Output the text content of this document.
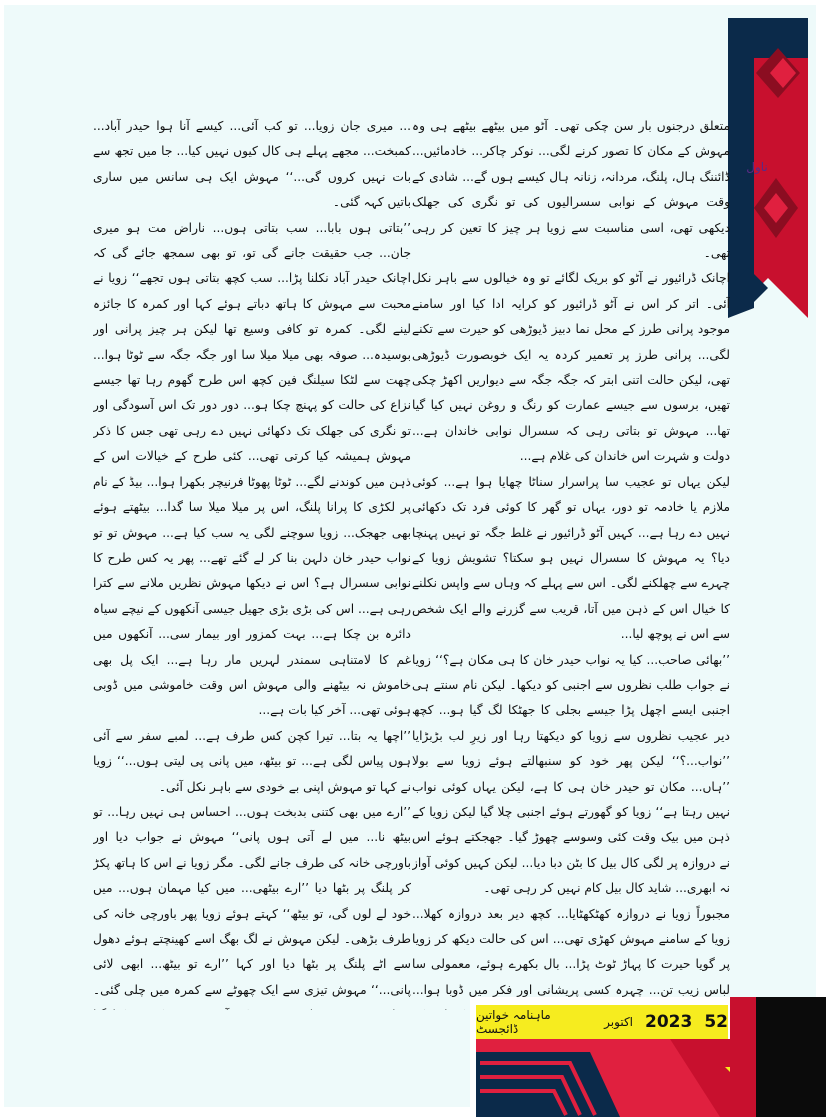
ناول

متعلق درجنوں بار سن چکی تھی۔ آٹو میں بیٹھے بیٹھے ہی وہ مہوش کے مکان کا تصور کرنے لگی... نوکر چاکر... خادمائیں... ڈائننگ ہال، پلنگ، مردانہ، زنانہ ہال کیسے ہوں گے... شادی کے وقت مہوش کے نوابی سسرالیوں کی تو نگری کی جھلک دیکھی تھی، اسی مناسبت سے زویا ہر چیز کا تعین کر رہی تھی۔

اچانک ڈرائیور نے آٹو کو بریک لگائے تو وہ خیالوں سے باہر نکل آئی۔ اتر کر اس نے آٹو ڈرائیور کو کرایہ ادا کیا اور سامنے موجود پرانی طرز کے محل نما دبیز ڈیوڑھی کو حیرت سے تکنے لگی... پرانی طرز پر تعمیر کردہ یہ ایک خوبصورت ڈیوڑھی تھی، لیکن حالت اتنی ابتر کہ جگہ جگہ سے دیواریں اکھڑ چکی تھیں، برسوں سے جیسے عمارت کو رنگ و روغن نہیں کیا گیا تھا... مہوش تو بتاتی رہی کہ سسرال نوابی خاندان ہے... دولت و شہرت اس خاندان کی غلام ہے...

لیکن یہاں تو عجیب سا پراسرار سناٹا چھایا ہوا ہے... کوئی ملازم یا خادمہ تو دور، یہاں تو گھر کا کوئی فرد تک دکھائی نہیں دے رہا ہے... کہیں آٹو ڈرائیور نے غلط جگہ تو نہیں پہنچا دیا؟ یہ مہوش کا سسرال نہیں ہو سکتا؟ تشویش زویا کے چہرے سے چھلکنے لگی۔ اس سے پہلے کہ وہاں سے واپس نکلنے کا خیال اس کے ذہن میں آتا، قریب سے گزرنے والے ایک شخص سے اس نے پوچھ لیا...

’’بھائی صاحب... کیا یہ نواب حیدر خان کا ہی مکان ہے؟‘‘ زویا نے جواب طلب نظروں سے اجنبی کو دیکھا۔ لیکن نام سنتے ہی اجنبی ایسے اچھل پڑا جیسے بجلی کا جھٹکا لگ گیا ہو... کچھ دیر عجیب نظروں سے زویا کو دیکھتا رہا اور زیرِ لب بڑبڑایا ’’نواب...؟‘‘ لیکن پھر خود کو سنبھالتے ہوئے زویا سے بولا ’’ہاں... مکان تو حیدر خان ہی کا ہے، لیکن یہاں کوئی نواب نہیں رہتا ہے‘‘ زویا کو گھورتے ہوئے اجنبی چلا گیا لیکن زویا کے ذہن میں بیک وقت کئی وسوسے چھوڑ گیا۔ جھجکتے ہوئے اس نے دروازہ پر لگی کال بیل کا بٹن دبا دیا... لیکن کہیں کوئی آواز نہ ابھری... شاید کال بیل کام نہیں کر رہی تھی۔

مجبوراً زویا نے دروازہ کھٹکھٹایا... کچھ دیر بعد دروازہ کھلا... زویا کے سامنے مہوش کھڑی تھی... اس کی حالت دیکھ کر زویا پر گویا حیرت کا پہاڑ ٹوٹ پڑا... بال بکھرے ہوئے، معمولی سا لباس زیب تن... چہرہ کسی پریشانی اور فکر میں ڈوبا ہوا...

... میری جان زویا... تو کب آئی... کیسے آنا ہوا حیدر آباد... کمبخت... مجھے پہلے ہی کال کیوں نہیں کیا... جا میں تجھ سے بات نہیں کروں گی...‘‘ مہوش ایک ہی سانس میں ساری باتیں کہہ گئی۔

’’بتاتی ہوں بابا... سب بتاتی ہوں... ناراض مت ہو میری جان... جب حقیقت جانے گی تو، تو بھی سمجھ جائے گی کہ اچانک حیدر آباد نکلنا پڑا... سب کچھ بتاتی ہوں تجھے‘‘ زویا نے محبت سے مہوش کا ہاتھ دباتے ہوئے کہا اور کمرہ کا جائزہ لینے لگی۔ کمرہ تو کافی وسیع تھا لیکن ہر چیز پرانی اور بوسیدہ... صوفہ بھی میلا میلا سا اور جگہ جگہ سے ٹوٹا ہوا... چھت سے لٹکا سیلنگ فین کچھ اس طرح گھوم رہا تھا جیسے نزاع کی حالت کو پہنچ چکا ہو... دور دور تک اس آسودگی اور تو نگری کی جھلک تک دکھائی نہیں دے رہی تھی جس کا ذکر مہوش ہمیشہ کیا کرتی تھی... کئی طرح کے خیالات اس کے ذہن میں کوندنے لگے... ٹوٹا پھوٹا فرنیچر بکھرا ہوا... بیڈ کے نام پر لکڑی کا پرانا پلنگ، اس پر میلا میلا سا گدا... بیٹھتے ہوئے بھی جھجک... زویا سوچنے لگی یہ سب کیا ہے... مہوش تو تو نواب حیدر خان دلہن بنا کر لے گئے تھے... پھر یہ کس طرح کا نوابی سسرال ہے؟ اس نے دیکھا مہوش نظریں ملانے سے کترا رہی ہے... اس کی بڑی بڑی جھیل جیسی آنکھوں کے نیچے سیاہ دائرہ بن چکا ہے... بہت کمزور اور بیمار سی... آنکھوں میں غم کا لامتناہی سمندر لہریں مار رہا ہے... ایک پل بھی خاموش نہ بیٹھنے والی مہوش اس وقت خاموشی میں ڈوبی ہوئی تھی... آخر کیا بات ہے...

’’اچھا یہ بتا... تیرا کچن کس طرف ہے... لمبے سفر سے آئی ہوں پیاس لگی ہے... تو بیٹھ، میں پانی پی لیتی ہوں...‘‘ زویا نے کہا تو مہوش اپنی بے خودی سے باہر نکل آئی۔

’’ارے میں بھی کتنی بدبخت ہوں... احساس ہی نہیں رہا... تو بیٹھ نا... میں لے آتی ہوں پانی‘‘ مہوش نے جواب دیا اور باورچی خانہ کی طرف جانے لگی۔ مگر زویا نے اس کا ہاتھ پکڑ کر پلنگ پر بٹھا دیا ’’ارے بیٹھی... میں کیا مہمان ہوں... میں خود لے لوں گی، تو بیٹھ‘‘ کہتے ہوئے زویا پھر باورچی خانہ کی طرف بڑھی۔ لیکن مہوش نے لگ بھگ اسے کھینچتے ہوئے دھول سے اٹے پلنگ پر بٹھا دیا اور کہا ’’ارے تو بیٹھ... ابھی لائی پانی...‘‘ مہوش تیزی سے ایک چھوٹے سے کمرہ میں چلی گئی۔

ماہنامہ خواتین ڈائجسٹ	اکتوبر 2023 52
